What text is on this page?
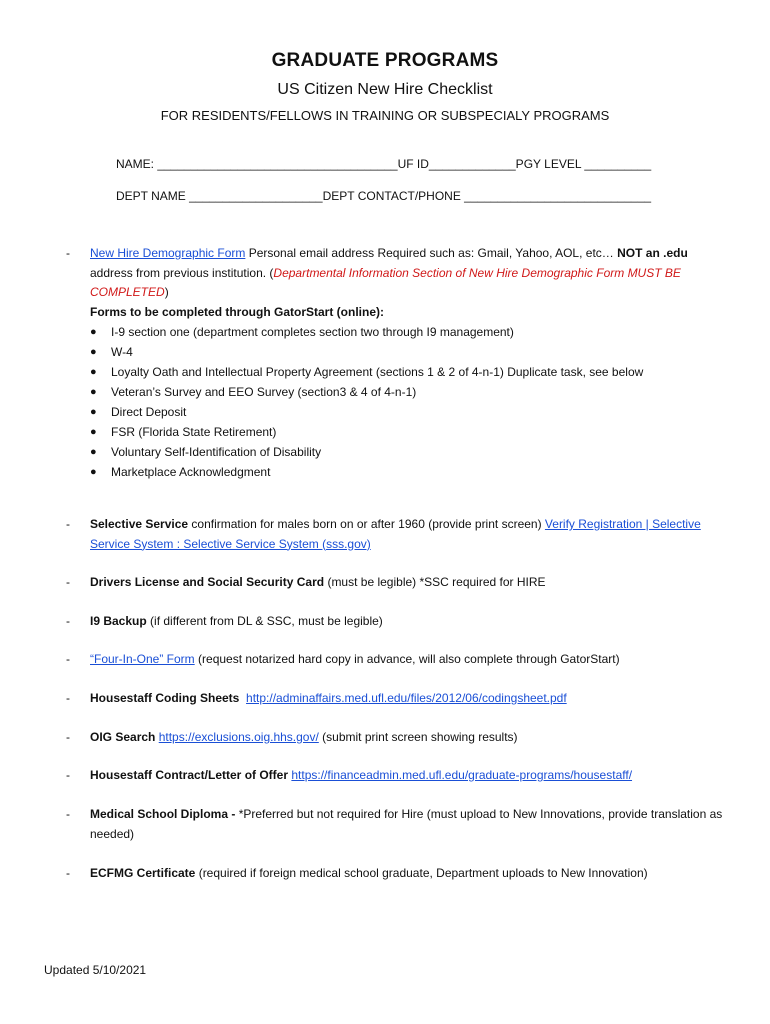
GRADUATE PROGRAMS
US Citizen New Hire Checklist
FOR RESIDENTS/FELLOWS IN TRAINING OR SUBSPECIALY PROGRAMS
NAME: ____________________________________UF ID_____________PGY LEVEL __________
DEPT NAME ____________________DEPT CONTACT/PHONE ____________________________
- New Hire Demographic Form Personal email address Required such as: Gmail, Yahoo, AOL, etc… NOT an .edu address from previous institution. (Departmental Information Section of New Hire Demographic Form MUST BE COMPLETED)
Forms to be completed through GatorStart (online):
● I-9 section one (department completes section two through I9 management)
● W-4
● Loyalty Oath and Intellectual Property Agreement (sections 1 & 2 of 4-n-1) Duplicate task, see below
● Veteran’s Survey and EEO Survey (section3 & 4 of 4-n-1)
● Direct Deposit
● FSR (Florida State Retirement)
● Voluntary Self-Identification of Disability
● Marketplace Acknowledgment
- Selective Service confirmation for males born on or after 1960 (provide print screen) Verify Registration | Selective Service System : Selective Service System (sss.gov)
- Drivers License and Social Security Card (must be legible) *SSC required for HIRE
- I9 Backup (if different from DL & SSC, must be legible)
- “Four-In-One” Form (request notarized hard copy in advance, will also complete through GatorStart)
- Housestaff Coding Sheets http://adminaffairs.med.ufl.edu/files/2012/06/codingsheet.pdf
- OIG Search https://exclusions.oig.hhs.gov/ (submit print screen showing results)
- Housestaff Contract/Letter of Offer https://financeadmin.med.ufl.edu/graduate-programs/housestaff/
- Medical School Diploma - *Preferred but not required for Hire (must upload to New Innovations, provide translation as needed)
- ECFMG Certificate (required if foreign medical school graduate, Department uploads to New Innovation)
Updated 5/10/2021
